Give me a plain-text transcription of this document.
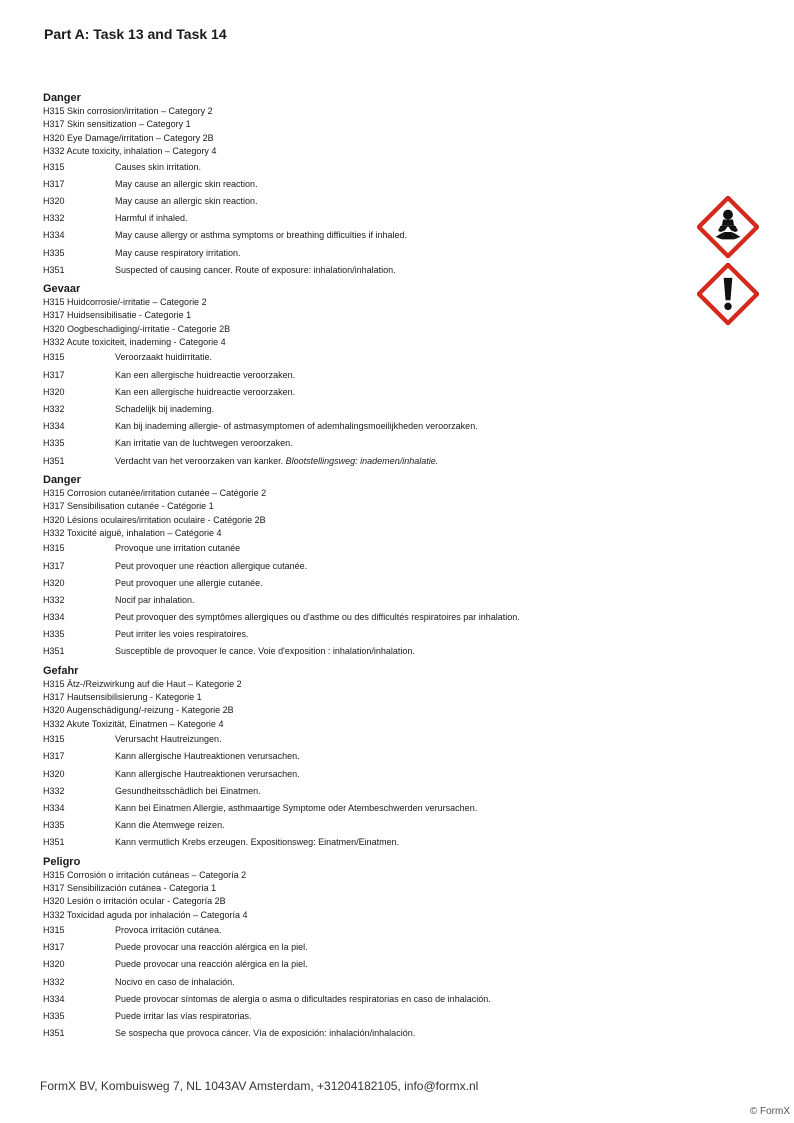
Part A: Task 13 and Task 14
Danger
H315 Skin corrosion/irritation – Category 2
H317 Skin sensitization – Category 1
H320 Eye Damage/irritation – Category 2B
H332 Acute toxicity, inhalation – Category 4
H315	Causes skin irritation.
H317	May cause an allergic skin reaction.
H320	May cause an allergic skin reaction.
H332	Harmful if inhaled.
H334	May cause allergy or asthma symptoms or breathing difficulties if inhaled.
H335	May cause respiratory irritation.
H351	Suspected of causing cancer. Route of exposure: inhalation/inhalation.
Gevaar
H315 Huidcorrosie/-irritatie – Categorie 2
H317 Huidsensibilisatie - Categorie 1
H320 Oogbeschadiging/-irritatie - Categorie 2B
H332 Acute toxiciteit, inademing - Categorie 4
H315	Veroorzaakt huidirritatie.
H317	Kan een allergische huidreactie veroorzaken.
H320	Kan een allergische huidreactie veroorzaken.
H332	Schadelijk bij inademing.
H334	Kan bij inademing allergie- of astmasymptomen of ademhalingsmoeilijkheden veroorzaken.
H335	Kan irritatie van de luchtwegen veroorzaken.
H351	Verdacht van het veroorzaken van kanker. Blootstellingsweg: inademen/inhalatie.
Danger
H315 Corrosion cutanée/irritation cutanée – Catégorie 2
H317 Sensibilisation cutanée - Catégorie 1
H320 Lésions oculaires/irritation oculaire - Catégorie 2B
H332 Toxicité aiguë, inhalation – Catégorie 4
H315	Provoque une irritation cutanée
H317	Peut provoquer une réaction allergique cutanée.
H320	Peut provoquer une allergie cutanée.
H332	Nocif par inhalation.
H334	Peut provoquer des symptômes allergiques ou d'asthme ou des difficultés respiratoires par inhalation.
H335	Peut irriter les voies respiratoires.
H351	Susceptible de provoquer le cance. Voie d'exposition : inhalation/inhalation.
Gefahr
H315 Ätz-/Reizwirkung auf die Haut – Kategorie 2
H317 Hautsensibilisierung - Kategorie 1
H320 Augenschädigung/-reizung - Kategorie 2B
H332 Akute Toxizität, Einatmen – Kategorie 4
H315	Verursacht Hautreizungen.
H317	Kann allergische Hautreaktionen verursachen.
H320	Kann allergische Hautreaktionen verursachen.
H332	Gesundheitsschädlich bei Einatmen.
H334	Kann bei Einatmen Allergie, asthmaartige Symptome oder Atembeschwerden verursachen.
H335	Kann die Atemwege reizen.
H351	Kann vermutlich Krebs erzeugen. Expositionsweg: Einatmen/Einatmen.
Peligro
H315 Corrosión o irritación cutáneas – Categoría 2
H317 Sensibilización cutánea - Categoría 1
H320 Lesión o irritación ocular - Categoría 2B
H332 Toxicidad aguda por inhalación – Categoría 4
H315	Provoca irritación cutánea.
H317	Puede provocar una reacción alérgica en la piel.
H320	Puede provocar una reacción alérgica en la piel.
H332	Nocivo en caso de inhalación.
H334	Puede provocar síntomas de alergia o asma o dificultades respiratorias en caso de inhalación.
H335	Puede irritar las vías respiratorias.
H351	Se sospecha que provoca cáncer. Vía de exposición: inhalación/inhalación.
FormX BV, Kombuisweg 7, NL 1043AV Amsterdam, +31204182105, info@formx.nl
© FormX
